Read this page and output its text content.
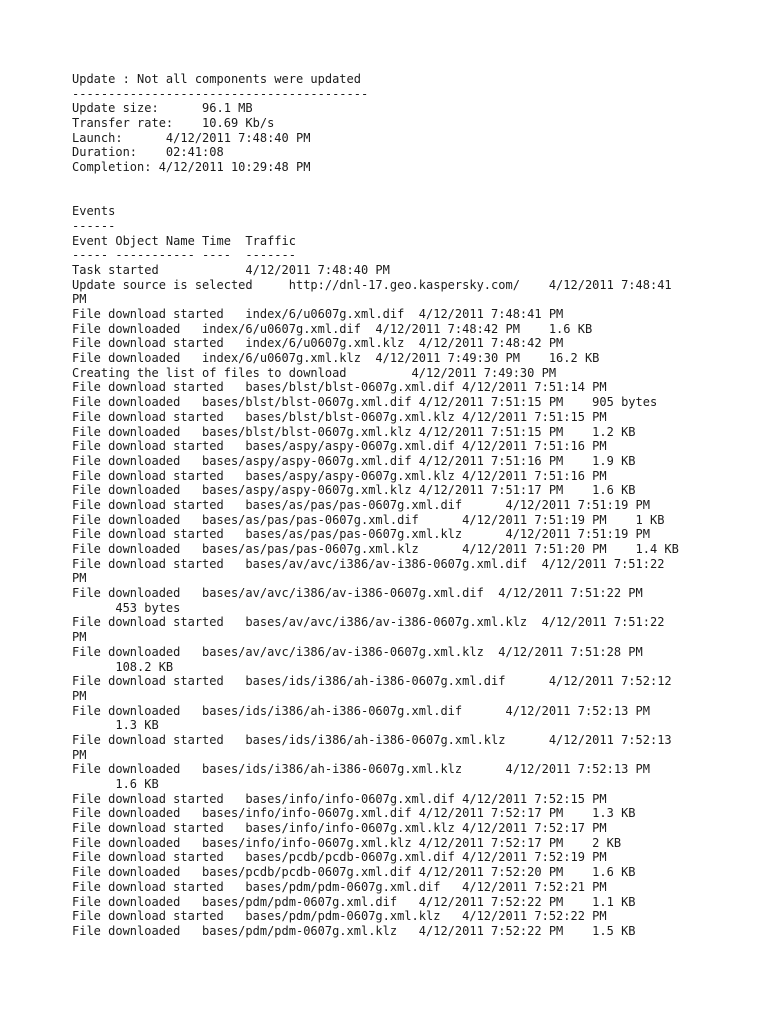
Update : Not all components were updated
-----------------------------------------
Update size:      96.1 MB
Transfer rate:    10.69 Kb/s
Launch:      4/12/2011 7:48:40 PM
Duration:    02:41:08
Completion: 4/12/2011 10:29:48 PM
Events
------
Event Object Name Time  Traffic
----- ----------- ----  -------
Task started            4/12/2011 7:48:40 PM
Update source is selected     http://dnl-17.geo.kaspersky.com/    4/12/2011 7:48:41
PM
File download started   index/6/u0607g.xml.dif  4/12/2011 7:48:41 PM
File downloaded   index/6/u0607g.xml.dif  4/12/2011 7:48:42 PM    1.6 KB
File download started   index/6/u0607g.xml.klz  4/12/2011 7:48:42 PM
File downloaded   index/6/u0607g.xml.klz  4/12/2011 7:49:30 PM    16.2 KB
Creating the list of files to download         4/12/2011 7:49:30 PM
File download started   bases/blst/blst-0607g.xml.dif 4/12/2011 7:51:14 PM
File downloaded   bases/blst/blst-0607g.xml.dif 4/12/2011 7:51:15 PM    905 bytes
File download started   bases/blst/blst-0607g.xml.klz 4/12/2011 7:51:15 PM
File downloaded   bases/blst/blst-0607g.xml.klz 4/12/2011 7:51:15 PM    1.2 KB
File download started   bases/aspy/aspy-0607g.xml.dif 4/12/2011 7:51:16 PM
File downloaded   bases/aspy/aspy-0607g.xml.dif 4/12/2011 7:51:16 PM    1.9 KB
File download started   bases/aspy/aspy-0607g.xml.klz 4/12/2011 7:51:16 PM
File downloaded   bases/aspy/aspy-0607g.xml.klz 4/12/2011 7:51:17 PM    1.6 KB
File download started   bases/as/pas/pas-0607g.xml.dif      4/12/2011 7:51:19 PM
File downloaded   bases/as/pas/pas-0607g.xml.dif      4/12/2011 7:51:19 PM    1 KB
File download started   bases/as/pas/pas-0607g.xml.klz      4/12/2011 7:51:19 PM
File downloaded   bases/as/pas/pas-0607g.xml.klz      4/12/2011 7:51:20 PM    1.4 KB
File download started   bases/av/avc/i386/av-i386-0607g.xml.dif  4/12/2011 7:51:22
PM
File downloaded   bases/av/avc/i386/av-i386-0607g.xml.dif  4/12/2011 7:51:22 PM
453 bytes
File download started   bases/av/avc/i386/av-i386-0607g.xml.klz  4/12/2011 7:51:22
PM
File downloaded   bases/av/avc/i386/av-i386-0607g.xml.klz  4/12/2011 7:51:28 PM
108.2 KB
File download started   bases/ids/i386/ah-i386-0607g.xml.dif      4/12/2011 7:52:12
PM
File downloaded   bases/ids/i386/ah-i386-0607g.xml.dif      4/12/2011 7:52:13 PM
1.3 KB
File download started   bases/ids/i386/ah-i386-0607g.xml.klz      4/12/2011 7:52:13
PM
File downloaded   bases/ids/i386/ah-i386-0607g.xml.klz      4/12/2011 7:52:13 PM
1.6 KB
File download started   bases/info/info-0607g.xml.dif 4/12/2011 7:52:15 PM
File downloaded   bases/info/info-0607g.xml.dif 4/12/2011 7:52:17 PM    1.3 KB
File download started   bases/info/info-0607g.xml.klz 4/12/2011 7:52:17 PM
File downloaded   bases/info/info-0607g.xml.klz 4/12/2011 7:52:17 PM    2 KB
File download started   bases/pcdb/pcdb-0607g.xml.dif 4/12/2011 7:52:19 PM
File downloaded   bases/pcdb/pcdb-0607g.xml.dif 4/12/2011 7:52:20 PM    1.6 KB
File download started   bases/pdm/pdm-0607g.xml.dif   4/12/2011 7:52:21 PM
File downloaded   bases/pdm/pdm-0607g.xml.dif   4/12/2011 7:52:22 PM    1.1 KB
File download started   bases/pdm/pdm-0607g.xml.klz   4/12/2011 7:52:22 PM
File downloaded   bases/pdm/pdm-0607g.xml.klz   4/12/2011 7:52:22 PM    1.5 KB
